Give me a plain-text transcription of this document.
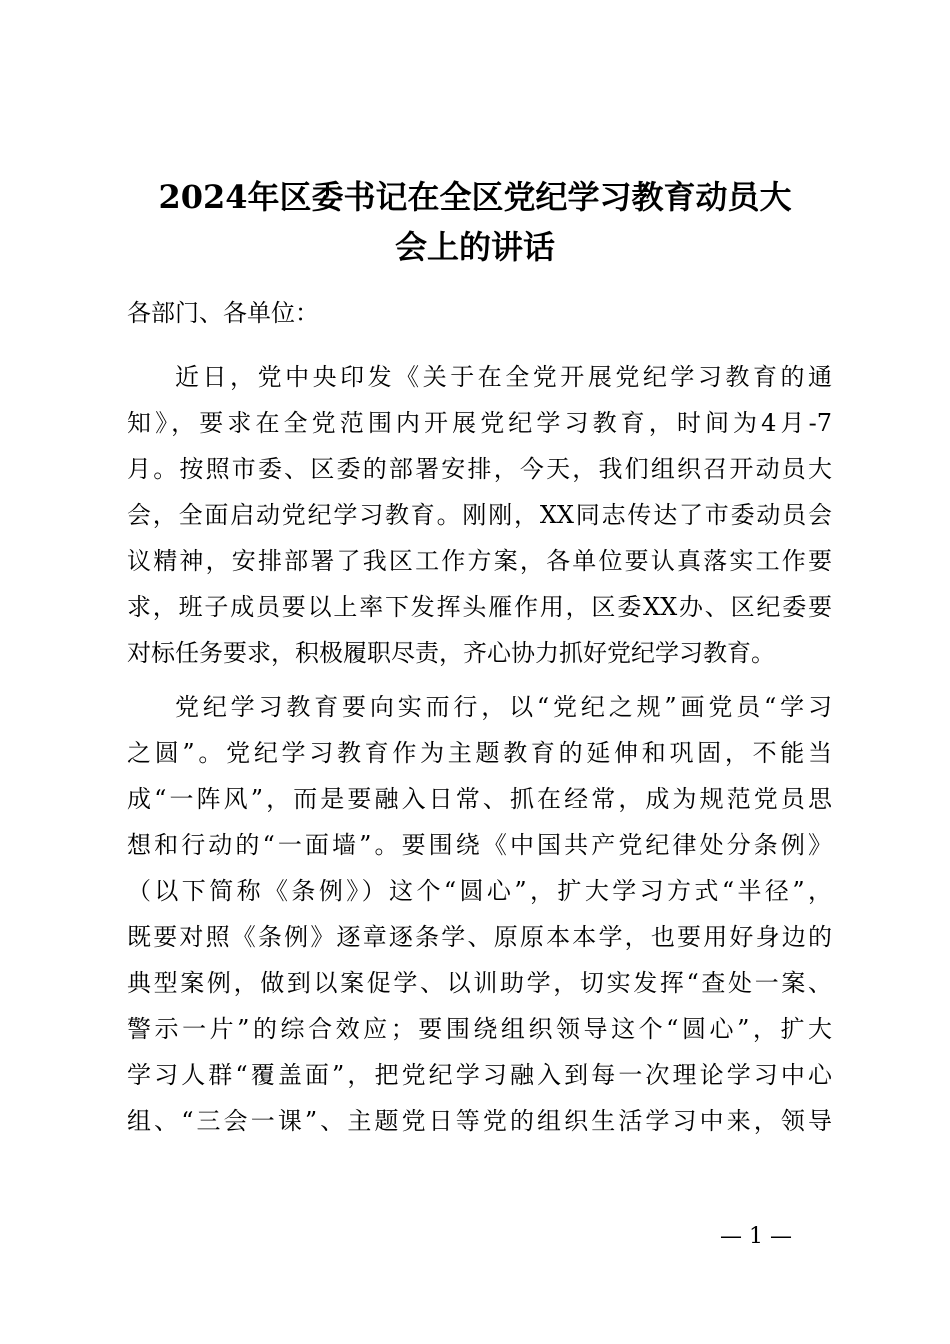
2024年区委书记在全区党纪学习教育动员大
会上的讲话

各部门、各单位：

近日，党中央印发《关于在全党开展党纪学习教育的通
知》，要求在全党范围内开展党纪学习教育，时间为4月-7
月。按照市委、区委的部署安排，今天，我们组织召开动员大
会，全面启动党纪学习教育。刚刚，XX同志传达了市委动员会
议精神，安排部署了我区工作方案，各单位要认真落实工作要
求，班子成员要以上率下发挥头雁作用，区委XX办、区纪委要
对标任务要求，积极履职尽责，齐心协力抓好党纪学习教育。
党纪学习教育要向实而行，以“党纪之规”画党员“学习
之圆”。党纪学习教育作为主题教育的延伸和巩固，不能当
成“一阵风”，而是要融入日常、抓在经常，成为规范党员思
想和行动的“一面墙”。要围绕《中国共产党纪律处分条例》
（以下简称《条例》）这个“圆心”，扩大学习方式“半径”，
既要对照《条例》逐章逐条学、原原本本学，也要用好身边的
典型案例，做到以案促学、以训助学，切实发挥“查处一案、
警示一片”的综合效应；要围绕组织领导这个“圆心”，扩大
学习人群“覆盖面”，把党纪学习融入到每一次理论学习中心
组、“三会一课”、主题党日等党的组织生活学习中来，领导

— 1 —
